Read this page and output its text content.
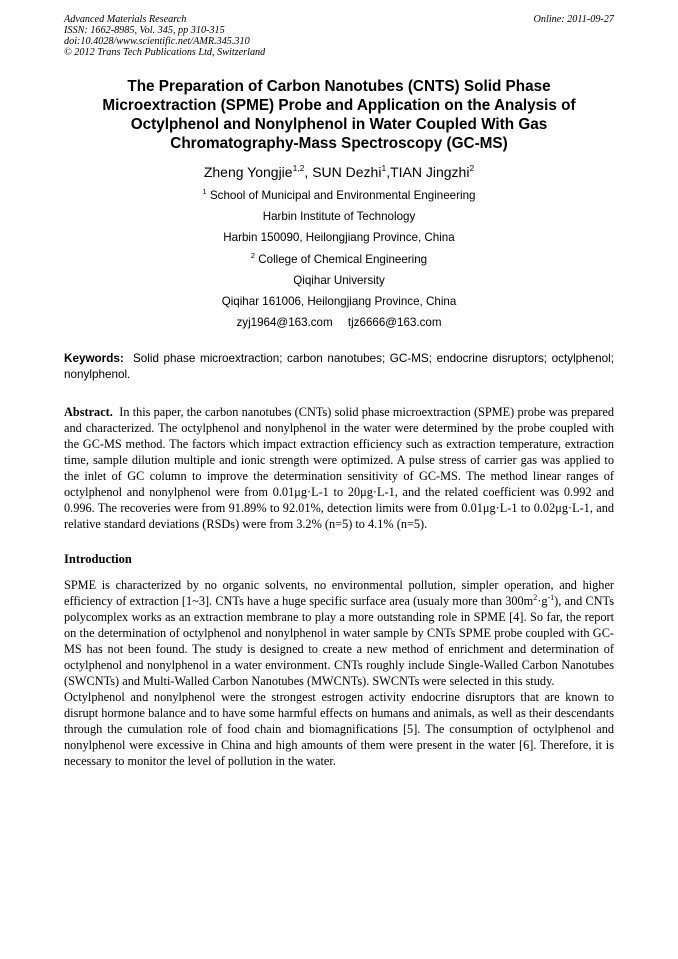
Advanced Materials Research
ISSN: 1662-8985, Vol. 345, pp 310-315
doi:10.4028/www.scientific.net/AMR.345.310
© 2012 Trans Tech Publications Ltd, Switzerland
Online: 2011-09-27
The Preparation of Carbon Nanotubes (CNTS) Solid Phase Microextraction (SPME) Probe and Application on the Analysis of Octylphenol and Nonylphenol in Water Coupled With Gas Chromatography-Mass Spectroscopy (GC-MS)
Zheng Yongjie$^{1,2}$, SUN Dezhi$^1$,TIAN Jingzhi$^2$
$^1$ School of Municipal and Environmental Engineering
Harbin Institute of Technology
Harbin 150090, Heilongjiang Province, China
$^2$ College of Chemical Engineering
Qiqihar University
Qiqihar 161006, Heilongjiang Province, China
zyj1964@163.com tjz6666@163.com
Keywords: Solid phase microextraction; carbon nanotubes; GC-MS; endocrine disruptors; octylphenol; nonylphenol.
Abstract. In this paper, the carbon nanotubes (CNTs) solid phase microextraction (SPME) probe was prepared and characterized. The octylphenol and nonylphenol in the water were determined by the probe coupled with the GC-MS method. The factors which impact extraction efficiency such as extraction temperature, extraction time, sample dilution multiple and ionic strength were optimized. A pulse stress of carrier gas was applied to the inlet of GC column to improve the determination sensitivity of GC-MS. The method linear ranges of octylphenol and nonylphenol were from 0.01μg·L-1 to 20μg·L-1, and the related coefficient was 0.992 and 0.996. The recoveries were from 91.89% to 92.01%, detection limits were from 0.01μg·L-1 to 0.02μg·L-1, and relative standard deviations (RSDs) were from 3.2% (n=5) to 4.1% (n=5).
Introduction

SPME is characterized by no organic solvents, no environmental pollution, simpler operation, and higher efficiency of extraction [1~3]. CNTs have a huge specific surface area (usualy more than $300m^2\cdot g^{-1}$), and CNTs polycomplex works as an extraction membrane to play a more outstanding role in SPME [4]. So far, the report on the determination of octylphenol and nonylphenol in water sample by CNTs SPME probe coupled with GC-MS has not been found. The study is designed to create a new method of enrichment and determination of octylphenol and nonylphenol in a water environment. CNTs roughly include Single-Walled Carbon Nanotubes (SWCNTs) and Multi-Walled Carbon Nanotubes (MWCNTs). SWCNTs were selected in this study.

Octylphenol and nonylphenol were the strongest estrogen activity endocrine disruptors that are known to disrupt hormone balance and to have some harmful effects on humans and animals, as well as their descendants through the cumulation role of food chain and biomagnifications [5]. The consumption of octylphenol and nonylphenol were excessive in China and high amounts of them were present in the water [6]. Therefore, it is necessary to monitor the level of pollution in the water.
